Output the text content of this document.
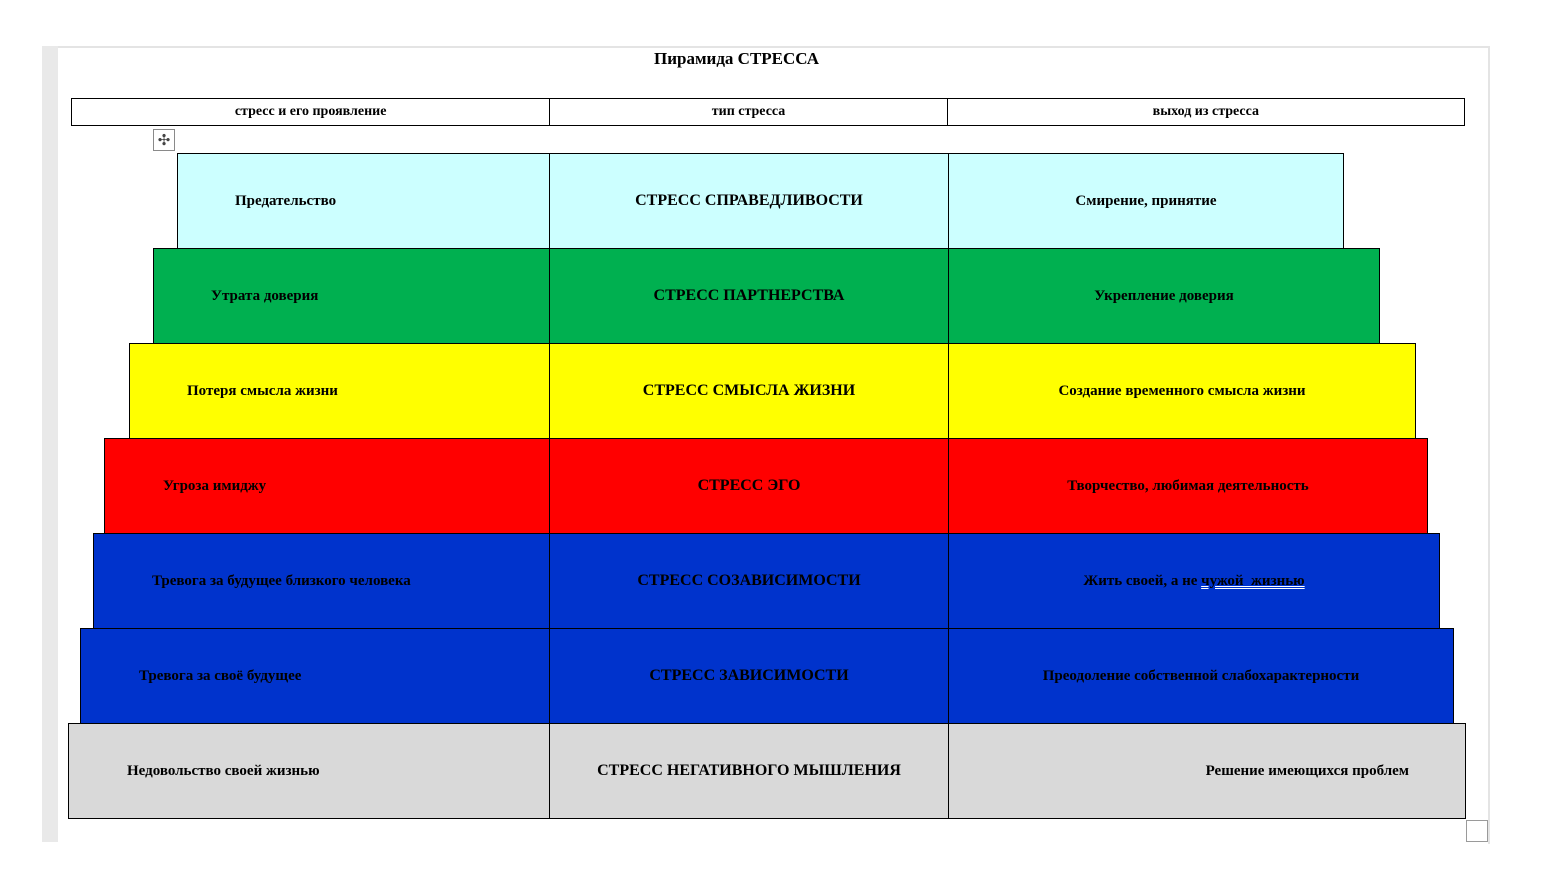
Пирамида СТРЕССА
стресс и его проявление	тип стресса	выход из стресса
✣
Предательство	СТРЕСС СПРАВЕДЛИВОСТИ	Смирение, принятие
Утрата доверия	СТРЕСС ПАРТНЕРСТВА	Укрепление доверия
Потеря смысла жизни	СТРЕСС СМЫСЛА ЖИЗНИ	Создание временного смысла жизни
Угроза имиджу	СТРЕСС ЭГО	Творчество, любимая деятельность
Тревога за будущее близкого человека	СТРЕСС СОЗАВИСИМОСТИ	Жить своей, а не чужой  жизнью
Тревога за своё будущее	СТРЕСС ЗАВИСИМОСТИ	Преодоление собственной слабохарактерности
Недовольство своей жизнью	СТРЕСС НЕГАТИВНОГО МЫШЛЕНИЯ	Решение имеющихся проблем
